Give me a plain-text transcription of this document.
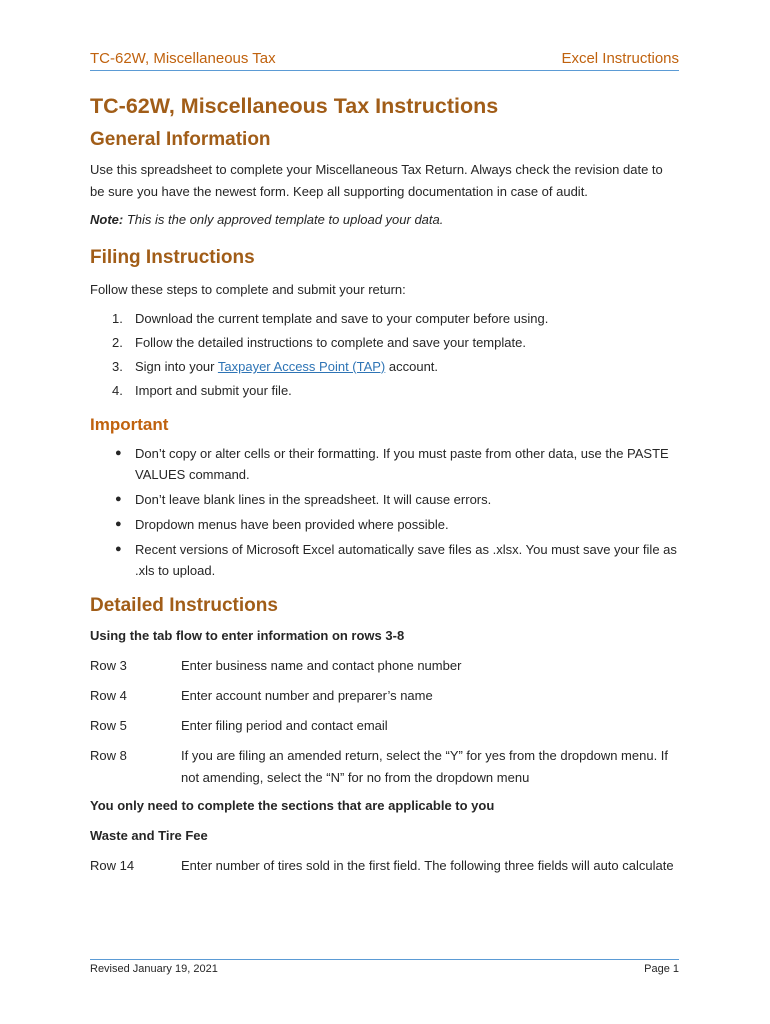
TC-62W, Miscellaneous Tax	Excel Instructions
TC-62W, Miscellaneous Tax Instructions
General Information

Use this spreadsheet to complete your Miscellaneous Tax Return. Always check the revision date to be sure you have the newest form. Keep all supporting documentation in case of audit.

Note: This is the only approved template to upload your data.

Filing Instructions

Follow these steps to complete and submit your return:

1. Download the current template and save to your computer before using.
2. Follow the detailed instructions to complete and save your template.
3. Sign into your Taxpayer Access Point (TAP) account.
4. Import and submit your file.
Important
● Don’t copy or alter cells or their formatting. If you must paste from other data, use the PASTE VALUES command.
● Don’t leave blank lines in the spreadsheet. It will cause errors.
● Dropdown menus have been provided where possible.
● Recent versions of Microsoft Excel automatically save files as .xlsx. You must save your file as .xls to upload.
Detailed Instructions

Using the tab flow to enter information on rows 3-8

Row 3	Enter business name and contact phone number
Row 4	Enter account number and preparer’s name
Row 5	Enter filing period and contact email
Row 8	If you are filing an amended return, select the “Y” for yes from the dropdown menu. If not amending, select the “N” for no from the dropdown menu

You only need to complete the sections that are applicable to you

Waste and Tire Fee

Row 14	Enter number of tires sold in the first field. The following three fields will auto calculate
Revised January 19, 2021	Page 1
